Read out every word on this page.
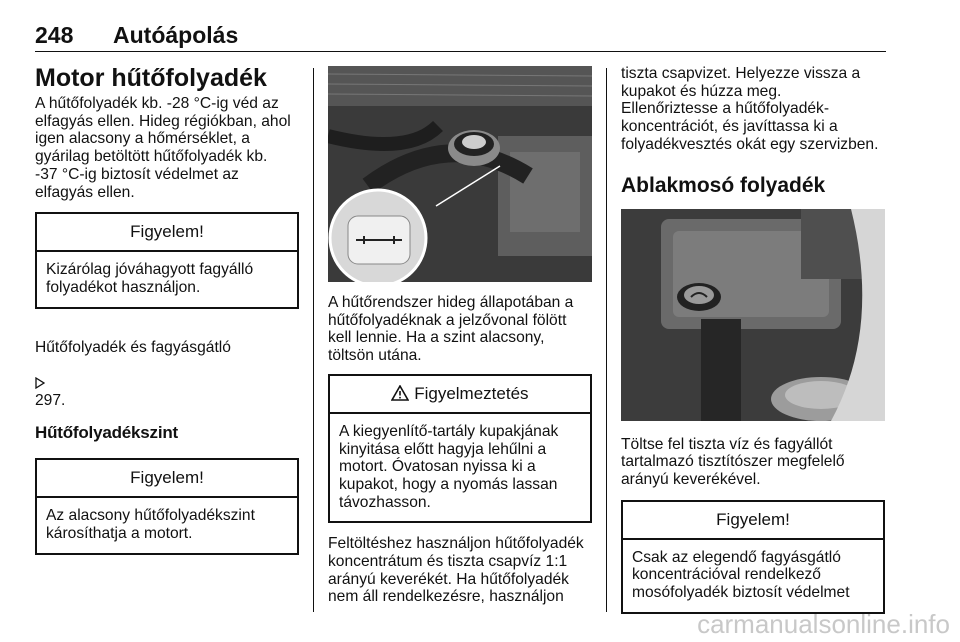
248 Autóápolás
Motor hűtőfolyadék
A hűtőfolyadék kb. -28 °C-ig véd az
elfagyás ellen. Hideg régiókban, ahol
igen alacsony a hőmérséklet, a
gyárilag betöltött hűtőfolyadék kb.
-37 °C-ig biztosít védelmet az
elfagyás ellen.
Figyelem!
Kizárólag jóváhagyott fagyálló
folyadékot használjon.

Hűtőfolyadék és fagyásgátló

297.

Hűtőfolyadékszint
Figyelem!
Az alacsony hűtőfolyadékszint
károsíthatja a motort.
A hűtőrendszer hideg állapotában a
hűtőfolyadéknak a jelzővonal fölött
kell lennie. Ha a szint alacsony,
töltsön utána.
Figyelmeztetés
A kiegyenlítő-tartály kupakjának
kinyitása előtt hagyja lehűlni a
motort. Óvatosan nyissa ki a
kupakot, hogy a nyomás lassan
távozhasson.
Feltöltéshez használjon hűtőfolyadék
koncentrátum és tiszta csapvíz 1:1
arányú keverékét. Ha hűtőfolyadék
nem áll rendelkezésre, használjon
tiszta csapvizet. Helyezze vissza a
kupakot és húzza meg.
Ellenőriztesse a hűtőfolyadék-
koncentrációt, és javíttassa ki a
folyadékvesztés okát egy szervizben.
Ablakmosó folyadék
Töltse fel tiszta víz és fagyállót
tartalmazó tisztítószer megfelelő
arányú keverékével.
Figyelem!
Csak az elegendő fagyásgátló
koncentrációval rendelkező
mosófolyadék biztosít védelmet
carmanualsonline.info
